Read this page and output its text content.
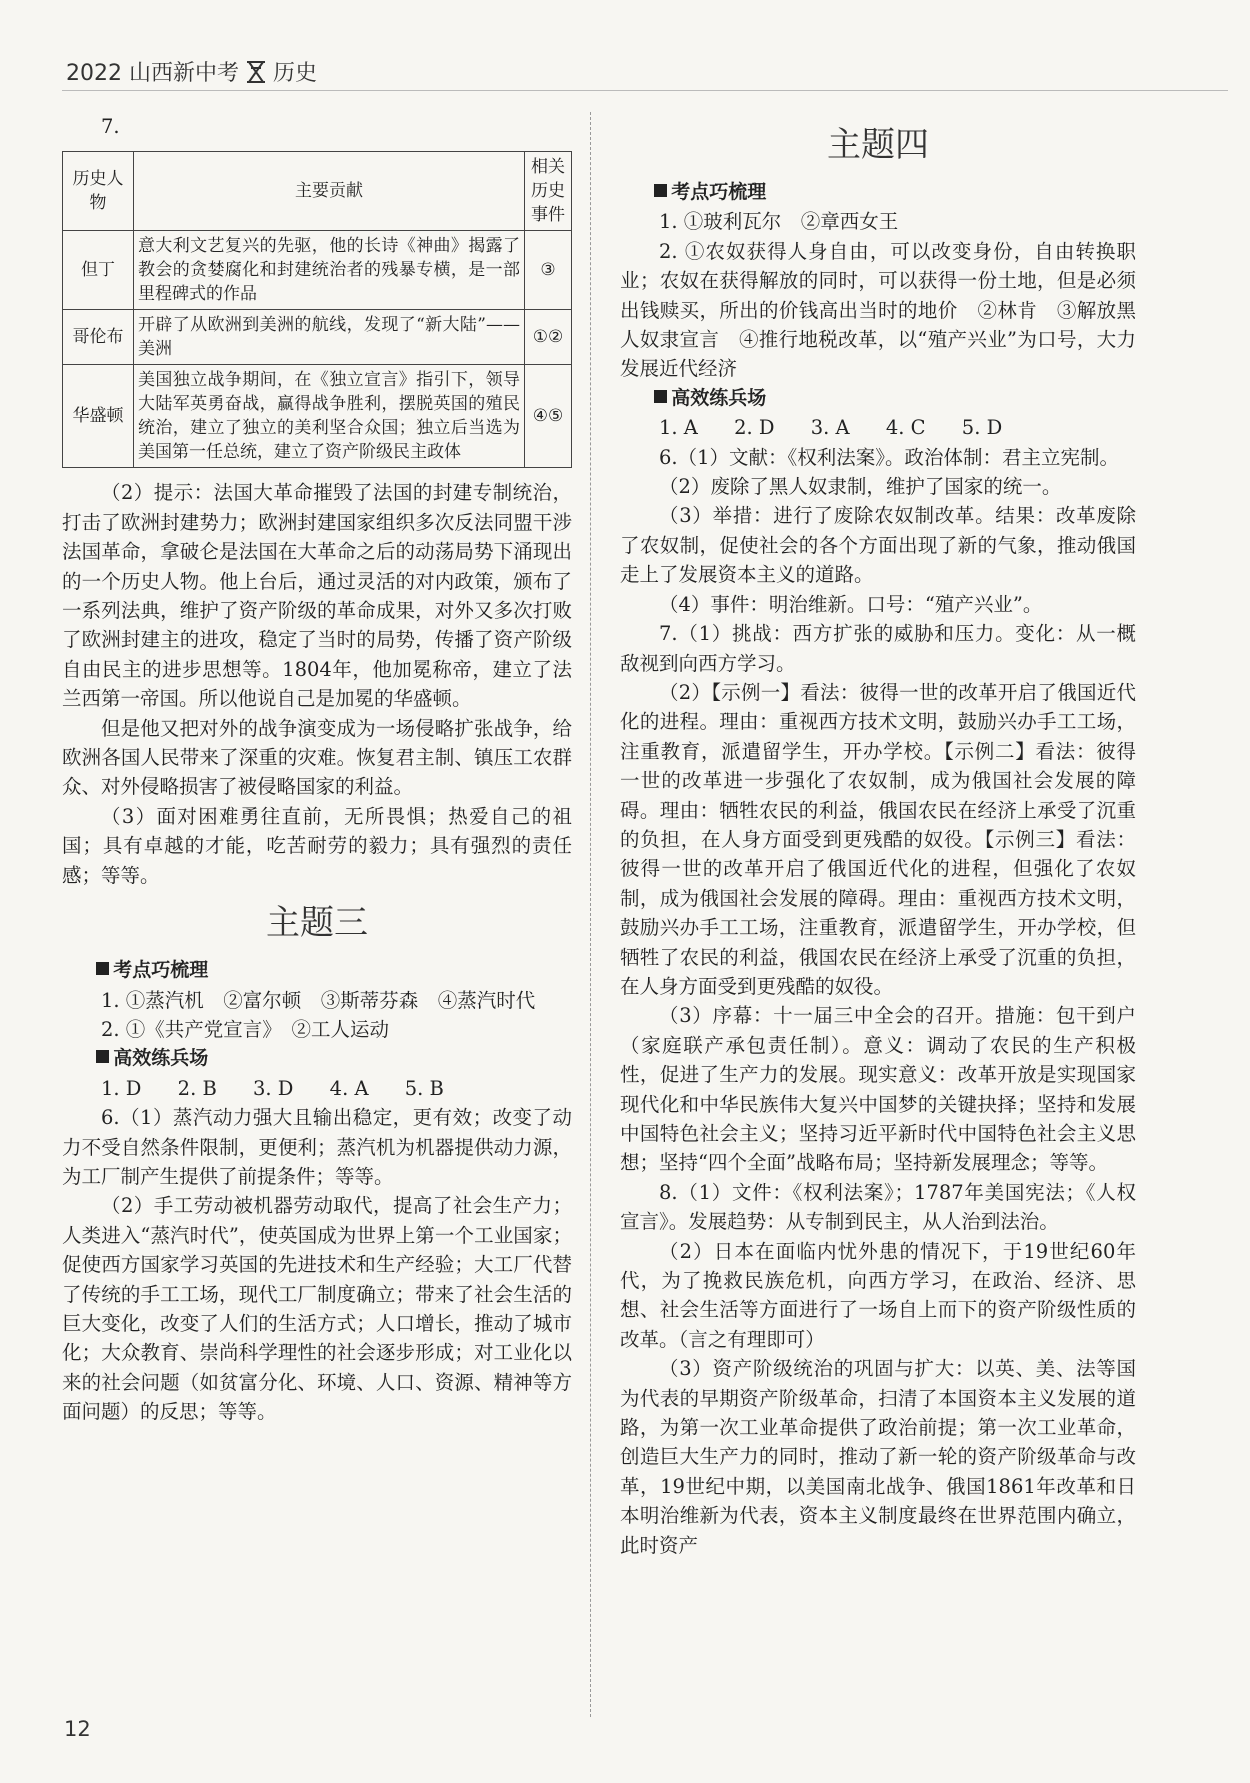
2022 山西新中考 历史

7.

历史人物	主要贡献	相关历史事件
但丁	意大利文艺复兴的先驱，他的长诗《神曲》揭露了教会的贪婪腐化和封建统治者的残暴专横，是一部里程碑式的作品	③
哥伦布	开辟了从欧洲到美洲的航线，发现了“新大陆”——美洲	①②
华盛顿	美国独立战争期间，在《独立宣言》指引下，领导大陆军英勇奋战，赢得战争胜利，摆脱英国的殖民统治，建立了独立的美利坚合众国；独立后当选为美国第一任总统，建立了资产阶级民主政体	④⑤

（2）提示：法国大革命摧毁了法国的封建专制统治，打击了欧洲封建势力；欧洲封建国家组织多次反法同盟干涉法国革命，拿破仑是法国在大革命之后的动荡局势下涌现出的一个历史人物。他上台后，通过灵活的对内政策，颁布了一系列法典，维护了资产阶级的革命成果，对外又多次打败了欧洲封建主的进攻，稳定了当时的局势，传播了资产阶级自由民主的进步思想等。1804年，他加冕称帝，建立了法兰西第一帝国。所以他说自己是加冕的华盛顿。

但是他又把对外的战争演变成为一场侵略扩张战争，给欧洲各国人民带来了深重的灾难。恢复君主制、镇压工农群众、对外侵略损害了被侵略国家的利益。

（3）面对困难勇往直前，无所畏惧；热爱自己的祖国；具有卓越的才能，吃苦耐劳的毅力；具有强烈的责任感；等等。

主题三

考点巧梳理

1. ①蒸汽机　②富尔顿　③斯蒂芬森　④蒸汽时代

2. ①《共产党宣言》　②工人运动

高效练兵场

1. D 2. B 3. D 4. A 5. B

6.（1）蒸汽动力强大且输出稳定，更有效；改变了动力不受自然条件限制，更便利；蒸汽机为机器提供动力源，为工厂制产生提供了前提条件；等等。

（2）手工劳动被机器劳动取代，提高了社会生产力；人类进入“蒸汽时代”，使英国成为世界上第一个工业国家；促使西方国家学习英国的先进技术和生产经验；大工厂代替了传统的手工工场，现代工厂制度确立；带来了社会生活的巨大变化，改变了人们的生活方式；人口增长，推动了城市化；大众教育、崇尚科学理性的社会逐步形成；对工业化以来的社会问题（如贫富分化、环境、人口、资源、精神等方面问题）的反思；等等。

主题四

考点巧梳理

1. ①玻利瓦尔　②章西女王

2. ①农奴获得人身自由，可以改变身份，自由转换职业；农奴在获得解放的同时，可以获得一份土地，但是必须出钱赎买，所出的价钱高出当时的地价　②林肯　③解放黑人奴隶宣言　④推行地税改革，以“殖产兴业”为口号，大力发展近代经济

高效练兵场

1. A 2. D 3. A 4. C 5. D

6.（1）文献：《权利法案》。政治体制：君主立宪制。

（2）废除了黑人奴隶制，维护了国家的统一。

（3）举措：进行了废除农奴制改革。结果：改革废除了农奴制，促使社会的各个方面出现了新的气象，推动俄国走上了发展资本主义的道路。

（4）事件：明治维新。口号：“殖产兴业”。

7.（1）挑战：西方扩张的威胁和压力。变化：从一概敌视到向西方学习。

（2）【示例一】看法：彼得一世的改革开启了俄国近代化的进程。理由：重视西方技术文明，鼓励兴办手工工场，注重教育，派遣留学生，开办学校。【示例二】看法：彼得一世的改革进一步强化了农奴制，成为俄国社会发展的障碍。理由：牺牲农民的利益，俄国农民在经济上承受了沉重的负担，在人身方面受到更残酷的奴役。【示例三】看法：彼得一世的改革开启了俄国近代化的进程，但强化了农奴制，成为俄国社会发展的障碍。理由：重视西方技术文明，鼓励兴办手工工场，注重教育，派遣留学生，开办学校，但牺牲了农民的利益，俄国农民在经济上承受了沉重的负担，在人身方面受到更残酷的奴役。

（3）序幕：十一届三中全会的召开。措施：包干到户（家庭联产承包责任制）。意义：调动了农民的生产积极性，促进了生产力的发展。现实意义：改革开放是实现国家现代化和中华民族伟大复兴中国梦的关键抉择；坚持和发展中国特色社会主义；坚持习近平新时代中国特色社会主义思想；坚持“四个全面”战略布局；坚持新发展理念；等等。

8.（1）文件：《权利法案》；1787年美国宪法；《人权宣言》。发展趋势：从专制到民主，从人治到法治。

（2）日本在面临内忧外患的情况下，于19世纪60年代，为了挽救民族危机，向西方学习，在政治、经济、思想、社会生活等方面进行了一场自上而下的资产阶级性质的改革。（言之有理即可）

（3）资产阶级统治的巩固与扩大：以英、美、法等国为代表的早期资产阶级革命，扫清了本国资本主义发展的道路，为第一次工业革命提供了政治前提；第一次工业革命，创造巨大生产力的同时，推动了新一轮的资产阶级革命与改革，19世纪中期，以美国南北战争、俄国1861年改革和日本明治维新为代表，资本主义制度最终在世界范围内确立，此时资产

12
